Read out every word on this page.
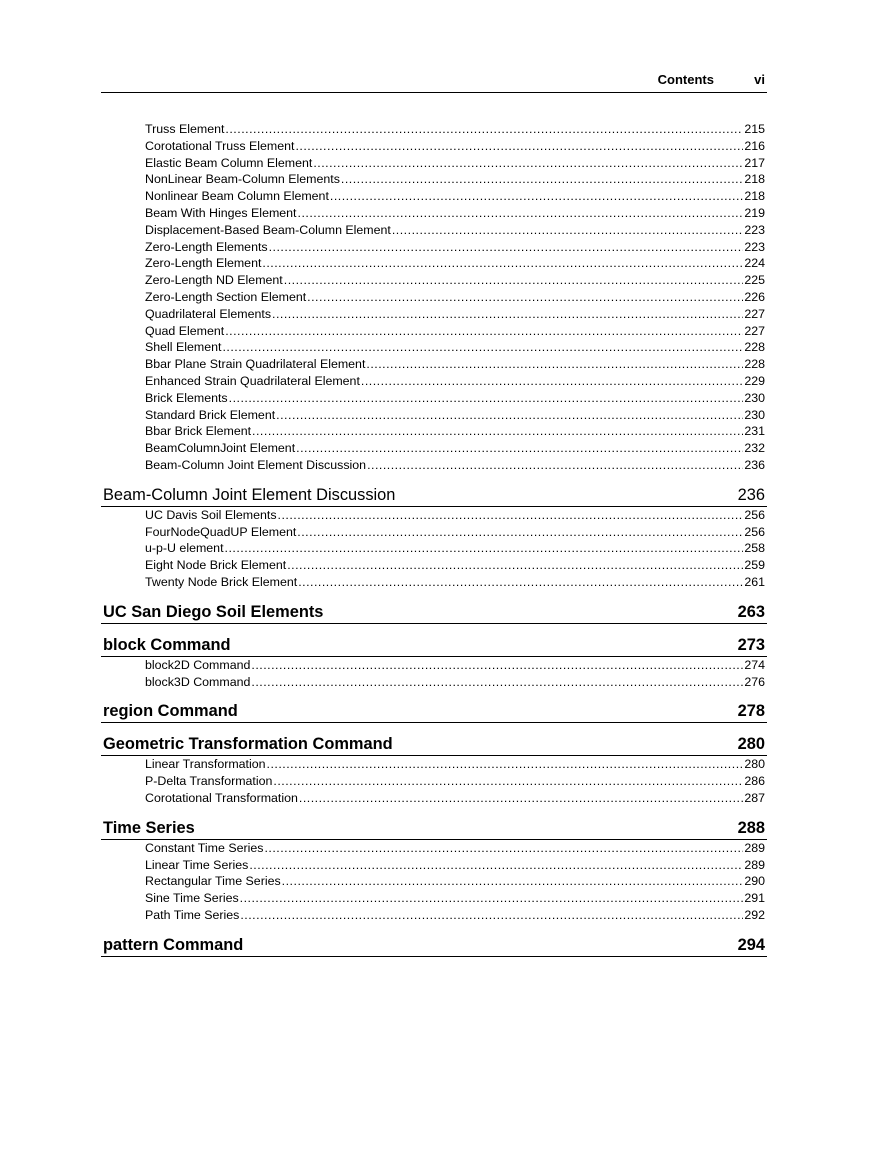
Contents	vi
Truss Element .....	215
Corotational Truss Element .....	216
Elastic Beam Column Element .....	217
NonLinear Beam-Column Elements .....	218
Nonlinear Beam Column Element .....	218
Beam With Hinges Element .....	219
Displacement-Based Beam-Column Element .....	223
Zero-Length Elements .....	223
Zero-Length Element .....	224
Zero-Length ND Element .....	225
Zero-Length Section Element .....	226
Quadrilateral Elements .....	227
Quad Element .....	227
Shell Element .....	228
Bbar Plane Strain Quadrilateral Element .....	228
Enhanced Strain Quadrilateral Element .....	229
Brick Elements .....	230
Standard Brick Element .....	230
Bbar Brick Element .....	231
BeamColumnJoint Element .....	232
Beam-Column Joint Element Discussion .....	236
Beam-Column Joint Element Discussion	236
UC Davis Soil Elements .....	256
FourNodeQuadUP Element .....	256
u-p-U element .....	258
Eight Node Brick Element .....	259
Twenty Node Brick Element .....	261
UC San Diego Soil Elements	263
block Command	273
block2D Command .....	274
block3D Command .....	276
region Command	278
Geometric Transformation Command	280
Linear Transformation .....	280
P-Delta Transformation .....	286
Corotational Transformation .....	287
Time Series	288
Constant Time Series .....	289
Linear Time Series .....	289
Rectangular Time Series .....	290
Sine Time Series .....	291
Path Time Series .....	292
pattern Command	294
